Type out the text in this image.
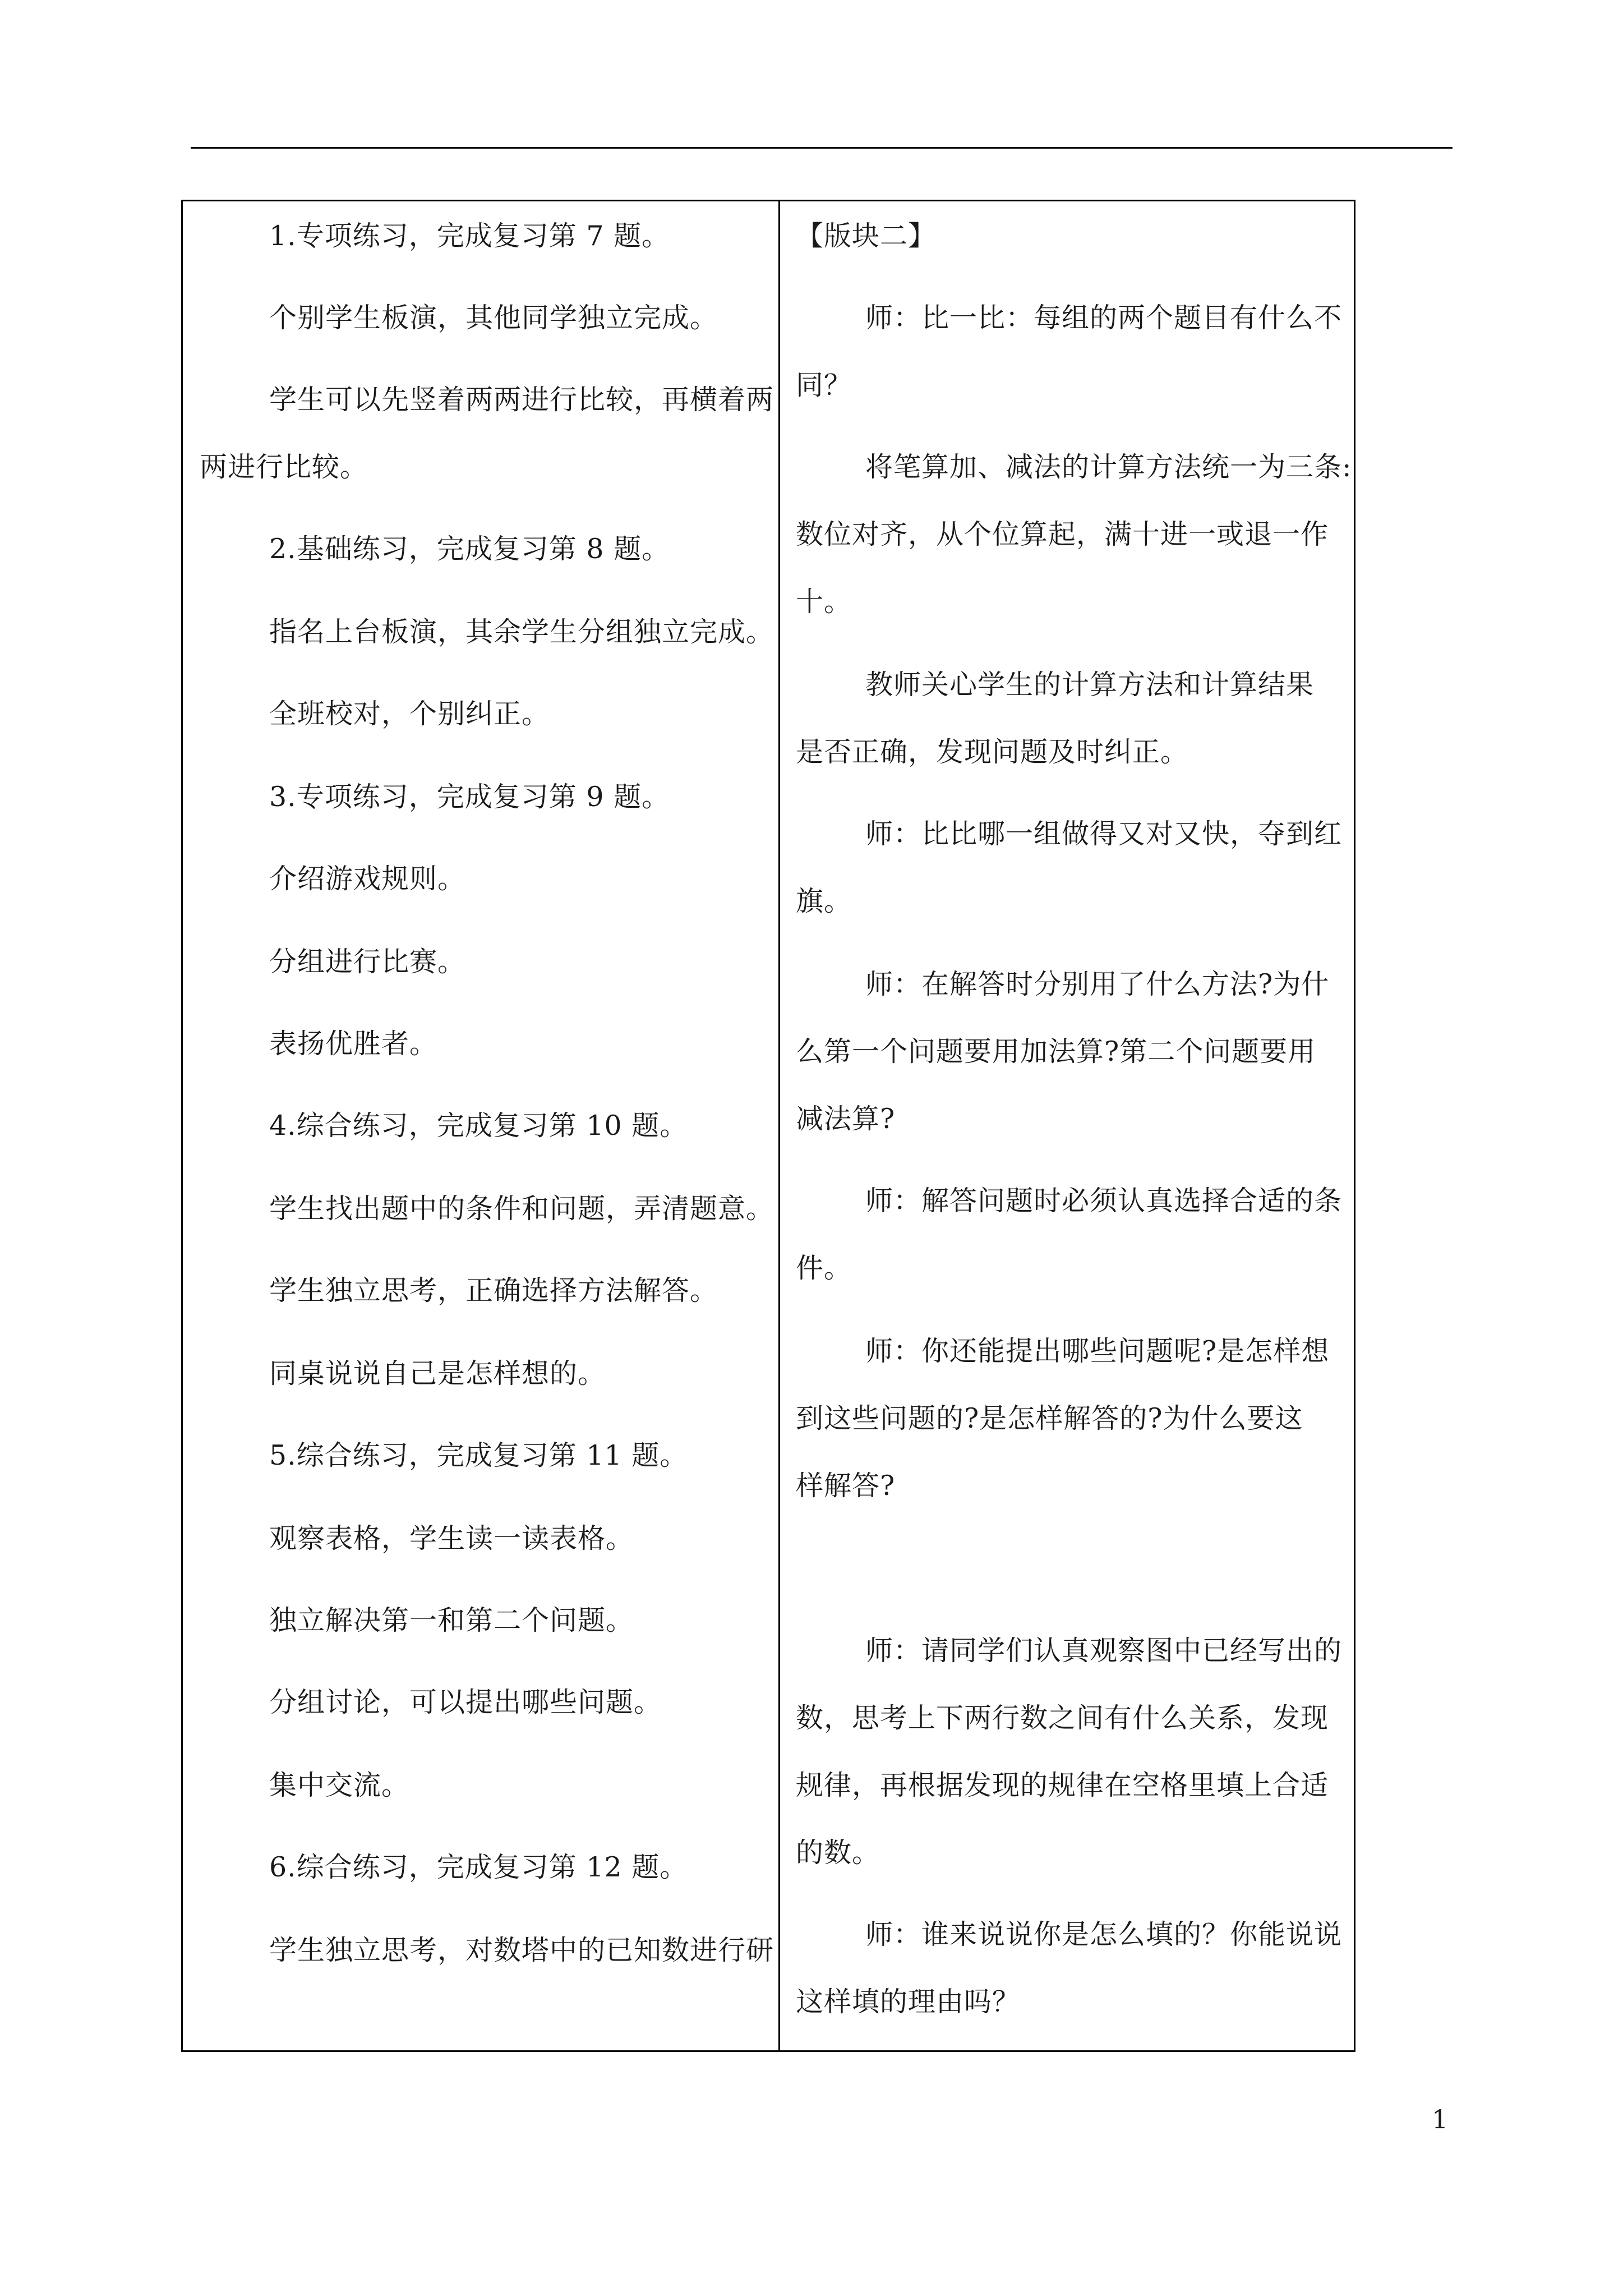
1.专项练习，完成复习第 7 题。
个别学生板演，其他同学独立完成。
学生可以先竖着两两进行比较，再横着两
两进行比较。
2.基础练习，完成复习第 8 题。
指名上台板演，其余学生分组独立完成。
全班校对，个别纠正。
3.专项练习，完成复习第 9 题。
介绍游戏规则。
分组进行比赛。
表扬优胜者。
4.综合练习，完成复习第 10 题。
学生找出题中的条件和问题，弄清题意。
学生独立思考，正确选择方法解答。
同桌说说自己是怎样想的。
5.综合练习，完成复习第 11 题。
观察表格，学生读一读表格。
独立解决第一和第二个问题。
分组讨论，可以提出哪些问题。
集中交流。
6.综合练习，完成复习第 12 题。
学生独立思考，对数塔中的已知数进行研
【版块二】
师：比一比：每组的两个题目有什么不
同？
将笔算加、减法的计算方法统一为三条:
数位对齐，从个位算起，满十进一或退一作
十。
教师关心学生的计算方法和计算结果
是否正确，发现问题及时纠正。
师：比比哪一组做得又对又快，夺到红
旗。
师：在解答时分别用了什么方法?为什
么第一个问题要用加法算?第二个问题要用
减法算?
师：解答问题时必须认真选择合适的条
件。
师：你还能提出哪些问题呢?是怎样想
到这些问题的?是怎样解答的?为什么要这
样解答?
师：请同学们认真观察图中已经写出的
数，思考上下两行数之间有什么关系，发现
规律，再根据发现的规律在空格里填上合适
的数。
师：谁来说说你是怎么填的？你能说说
这样填的理由吗？
1
